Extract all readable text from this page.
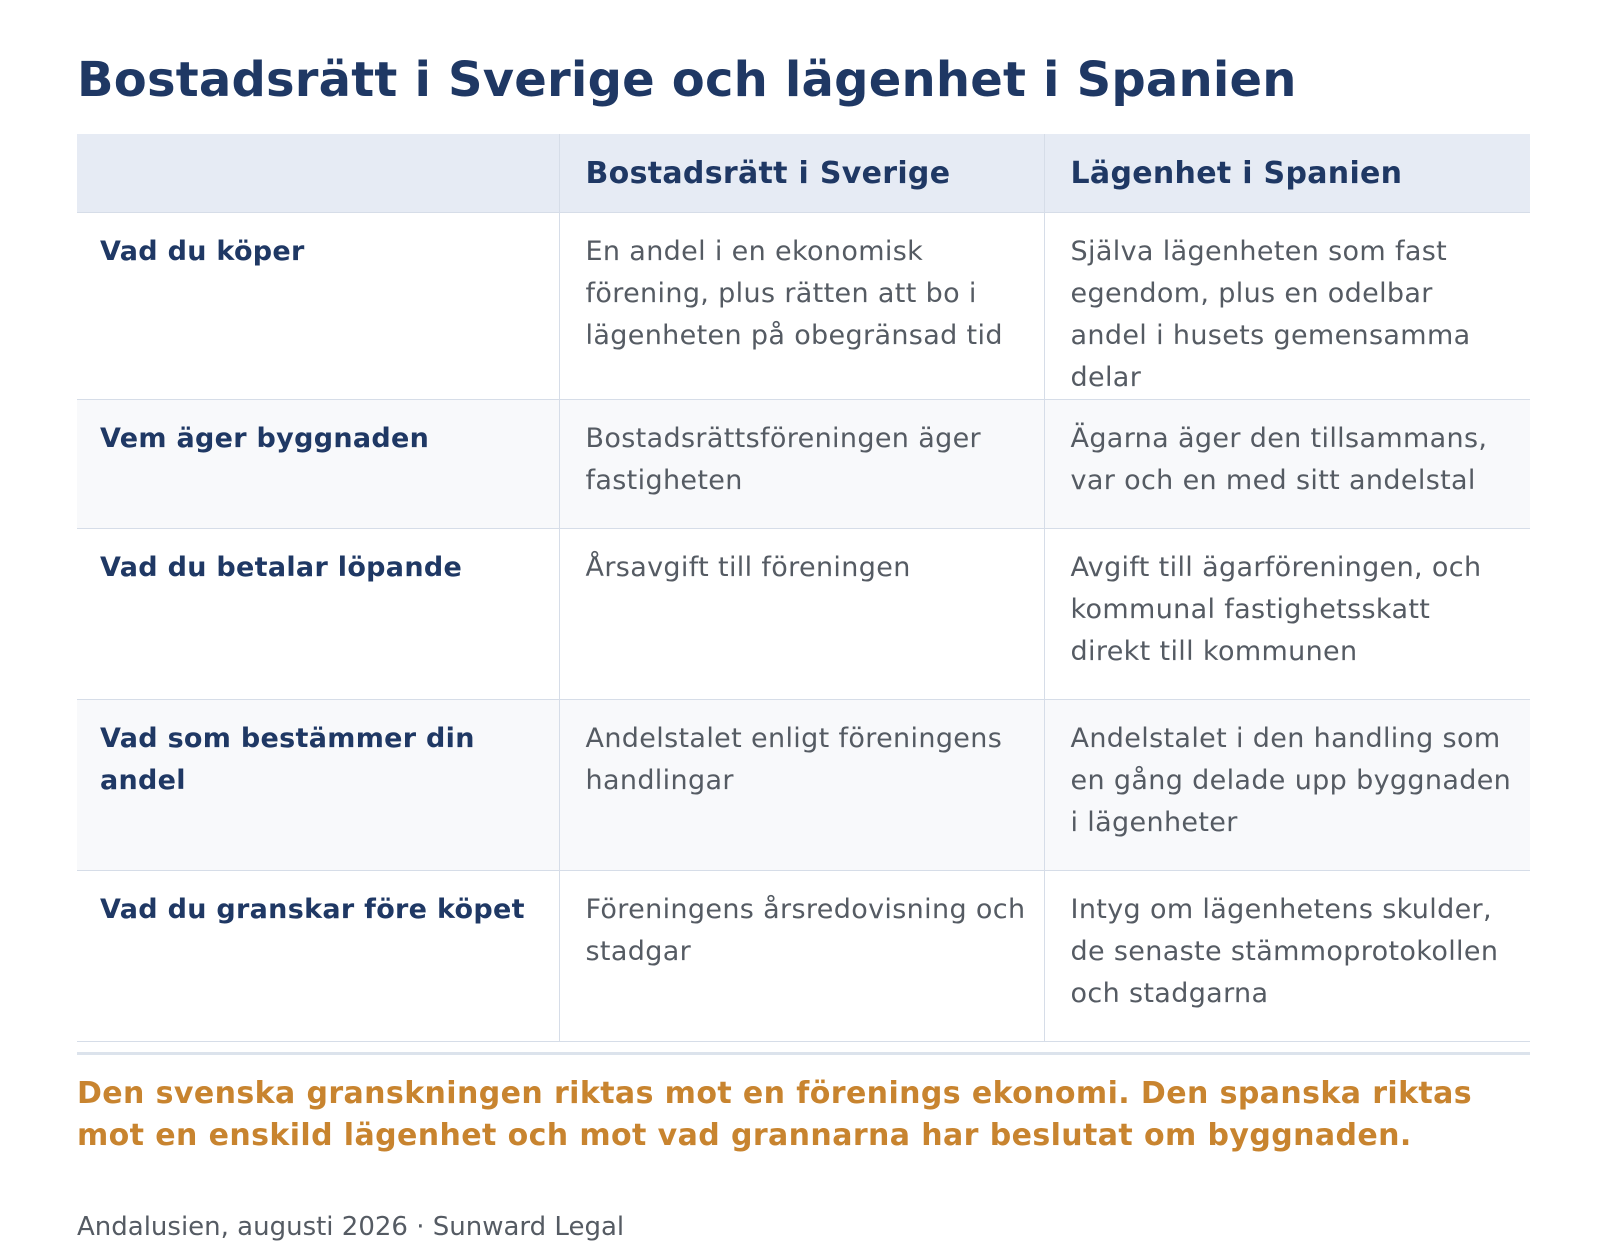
Bostadsrätt i Sverige och lägenhet i Spanien
	Bostadsrätt i Sverige	Lägenhet i Spanien
Vad du köper	En andel i en ekonomisk förening, plus rätten att bo i lägenheten på obegränsad tid	Själva lägenheten som fast egendom, plus en odelbar andel i husets gemensamma delar
Vem äger byggnaden	Bostadsrättsföreningen äger fastigheten	Ägarna äger den tillsammans, var och en med sitt andelstal
Vad du betalar löpande	Årsavgift till föreningen	Avgift till ägarföreningen, och kommunal fastighetsskatt direkt till kommunen
Vad som bestämmer din andel	Andelstalet enligt föreningens handlingar	Andelstalet i den handling som en gång delade upp byggnaden i lägenheter
Vad du granskar före köpet	Föreningens årsredovisning och stadgar	Intyg om lägenhetens skulder, de senaste stämmoprotokollen och stadgarna

Den svenska granskningen riktas mot en förenings ekonomi. Den spanska riktas mot en enskild lägenhet och mot vad grannarna har beslutat om byggnaden.

Andalusien, augusti 2026 · Sunward Legal
